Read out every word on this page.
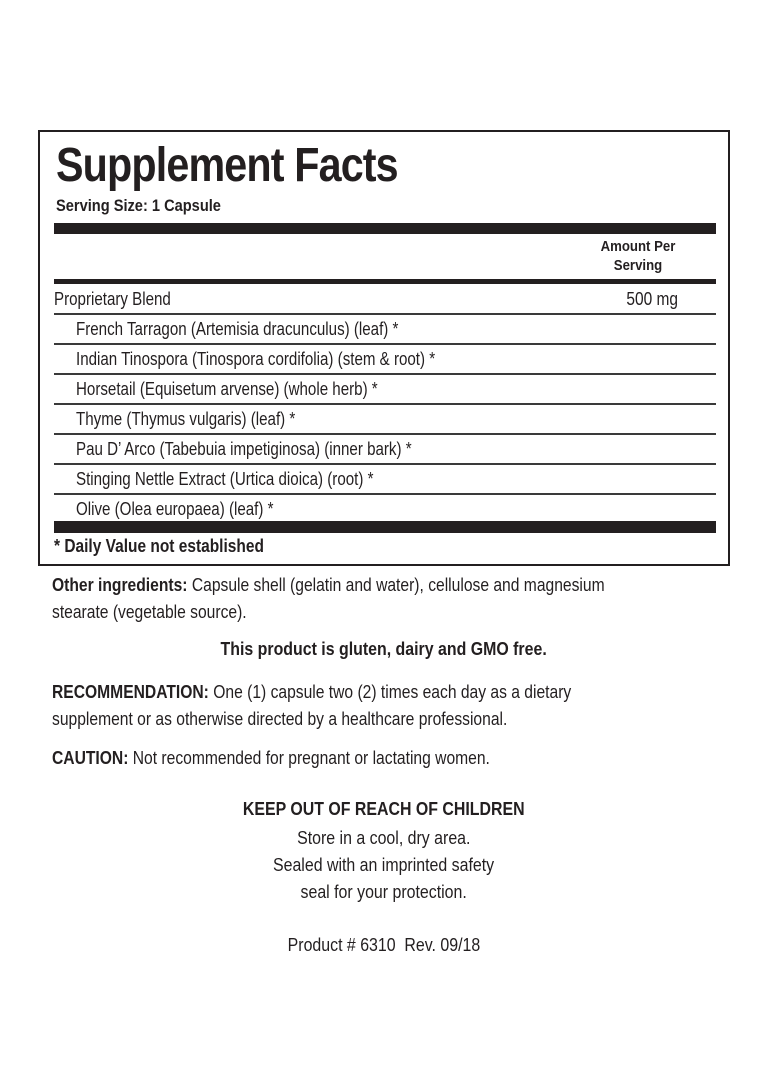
Supplement Facts
Serving Size: 1 Capsule
Amount Per
Serving
Proprietary Blend	500 mg
French Tarragon (Artemisia dracunculus) (leaf) *
Indian Tinospora (Tinospora cordifolia) (stem & root) *
Horsetail (Equisetum arvense) (whole herb) *
Thyme (Thymus vulgaris) (leaf) *
Pau D’ Arco (Tabebuia impetiginosa) (inner bark) *
Stinging Nettle Extract (Urtica dioica) (root) *
Olive (Olea europaea) (leaf) *
* Daily Value not established
Other ingredients: Capsule shell (gelatin and water), cellulose and magnesium
stearate (vegetable source).
This product is gluten, dairy and GMO free.
RECOMMENDATION: One (1) capsule two (2) times each day as a dietary
supplement or as otherwise directed by a healthcare professional.
CAUTION: Not recommended for pregnant or lactating women.
KEEP OUT OF REACH OF CHILDREN
Store in a cool, dry area.
Sealed with an imprinted safety
seal for your protection.
Product # 6310  Rev. 09/18
